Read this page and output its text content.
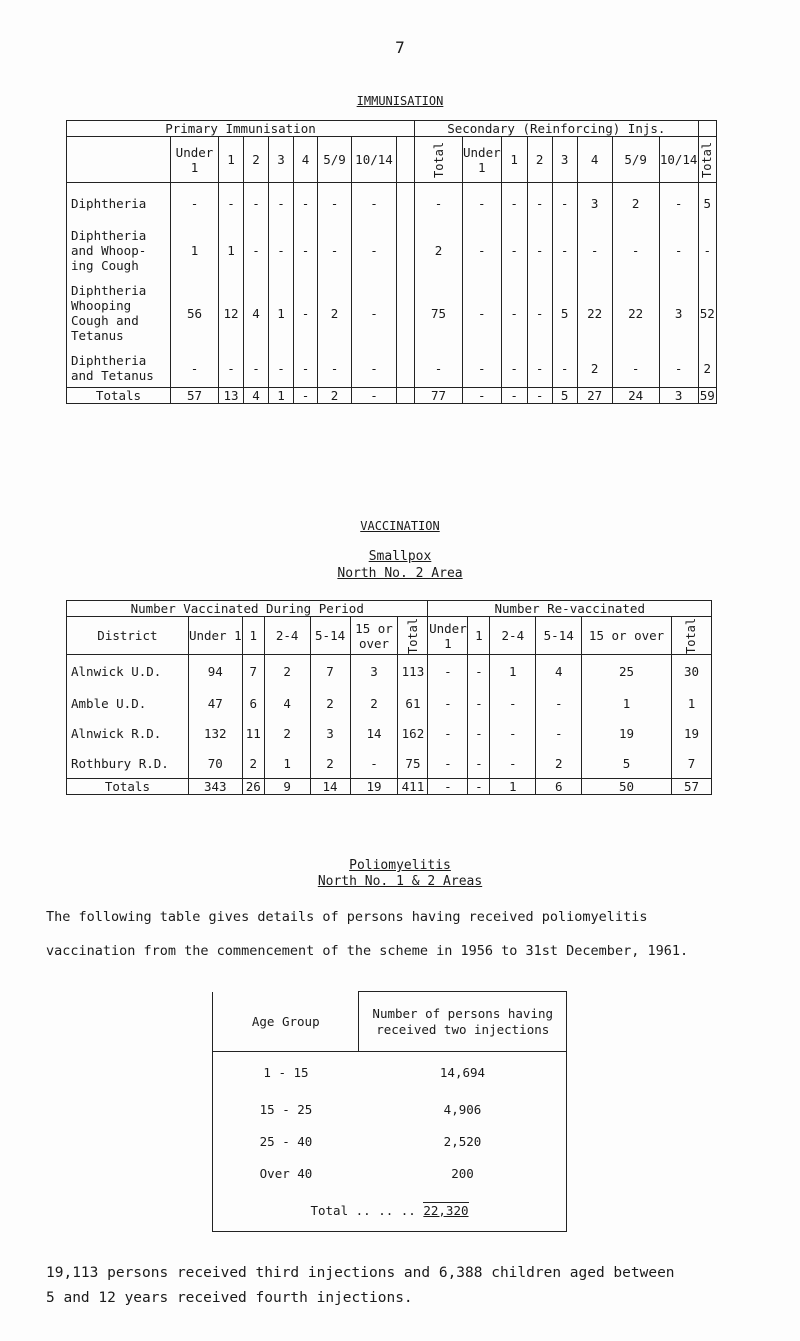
7
IMMUNISATION
Primary Immunisation									Secondary (Reinforcing) Injs.								
	Under 1	1	2	3	4	5/9	10/14		Total	Under 1	1	2	3	4	5/9	10/14	Total
Diphtheria	-	-	-	-	-	-	-		-	-	-	-	-	3	2	-	5
Diphtheria and Whoop- ing Cough	1	1	-	-	-	-	-		2	-	-	-	-	-	-	-	-
Diphtheria Whooping Cough and Tetanus	56	12	4	1	-	2	-		75	-	-	-	5	22	22	3	52
Diphtheria and Tetanus	-	-	-	-	-	-	-		-	-	-	-	-	2	-	-	2
Totals	57	13	4	1	-	2	-		77	-	-	-	5	27	24	3	59
VACCINATION
Smallpox
North No. 2 Area
Number Vaccinated During Period							Number Re-vaccinated					
District	Under 1	1	2-4	5-14	15 or over	Total	Under 1	1	2-4	5-14	15 or over	Total
Alnwick U.D.	94	7	2	7	3	113	-	-	1	4	25	30
Amble U.D.	47	6	4	2	2	61	-	-	-	-	1	1
Alnwick R.D.	132	11	2	3	14	162	-	-	-	-	19	19
Rothbury R.D.	70	2	1	2	-	75	-	-	-	2	5	7
Totals	343	26	9	14	19	411	-	-	1	6	50	57
Poliomyelitis
North No. 1 & 2 Areas

The following table gives details of persons having received poliomyelitis

vaccination from the commencement of the scheme in 1956 to 31st December, 1961.

Age Group	Number of persons having received two injections
1 - 15	14,694
15 - 25	4,906
25 - 40	2,520
Over 40	200
Total .. .. .. 22,320	

19,113 persons received third injections and 6,388 children aged between

5 and 12 years received fourth injections.
